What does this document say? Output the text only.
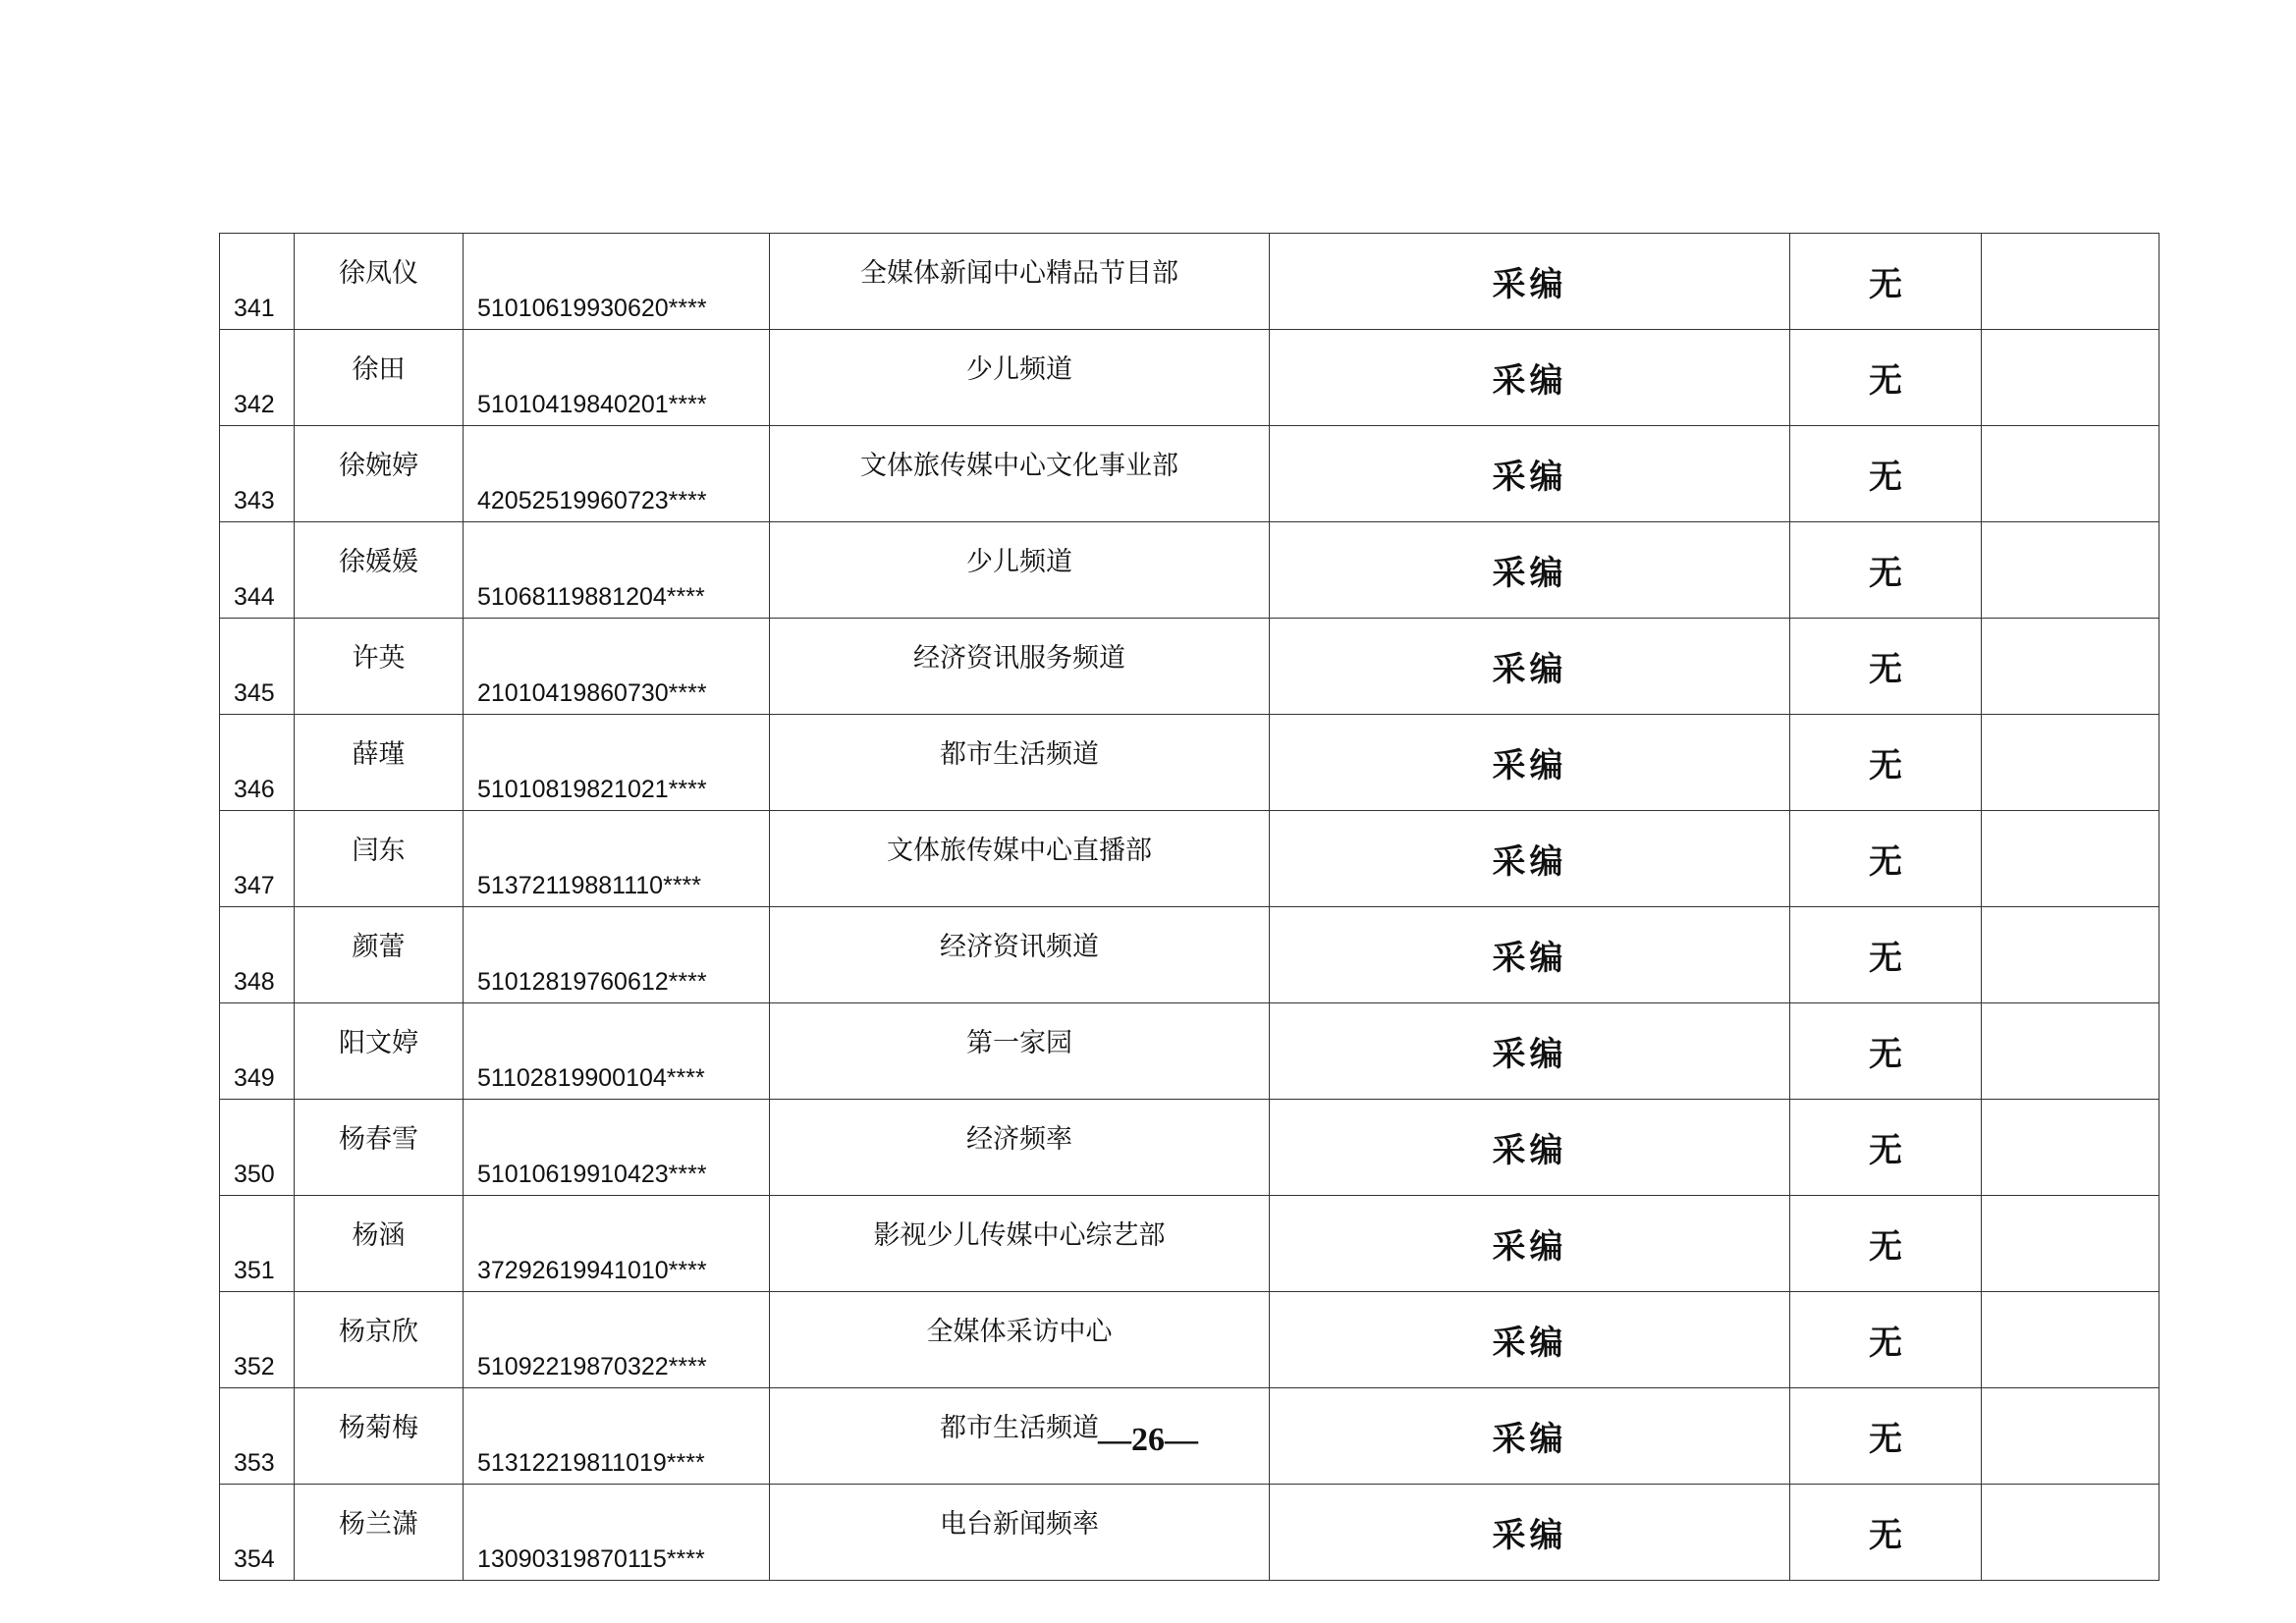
341	徐凤仪	51010619930620****	全媒体新闻中心精品节目部	采编	无	
342	徐田	51010419840201****	少儿频道	采编	无	
343	徐婉婷	42052519960723****	文体旅传媒中心文化事业部	采编	无	
344	徐媛媛	51068119881204****	少儿频道	采编	无	
345	许英	21010419860730****	经济资讯服务频道	采编	无	
346	薛瑾	51010819821021****	都市生活频道	采编	无	
347	闫东	51372119881110****	文体旅传媒中心直播部	采编	无	
348	颜蕾	51012819760612****	经济资讯频道	采编	无	
349	阳文婷	51102819900104****	第一家园	采编	无	
350	杨春雪	51010619910423****	经济频率	采编	无	
351	杨涵	37292619941010****	影视少儿传媒中心综艺部	采编	无	
352	杨京欣	51092219870322****	全媒体采访中心	采编	无	
353	杨菊梅	51312219811019****	都市生活频道	采编	无	
354	杨兰潇	13090319870115****	电台新闻频率	采编	无	
—26—
